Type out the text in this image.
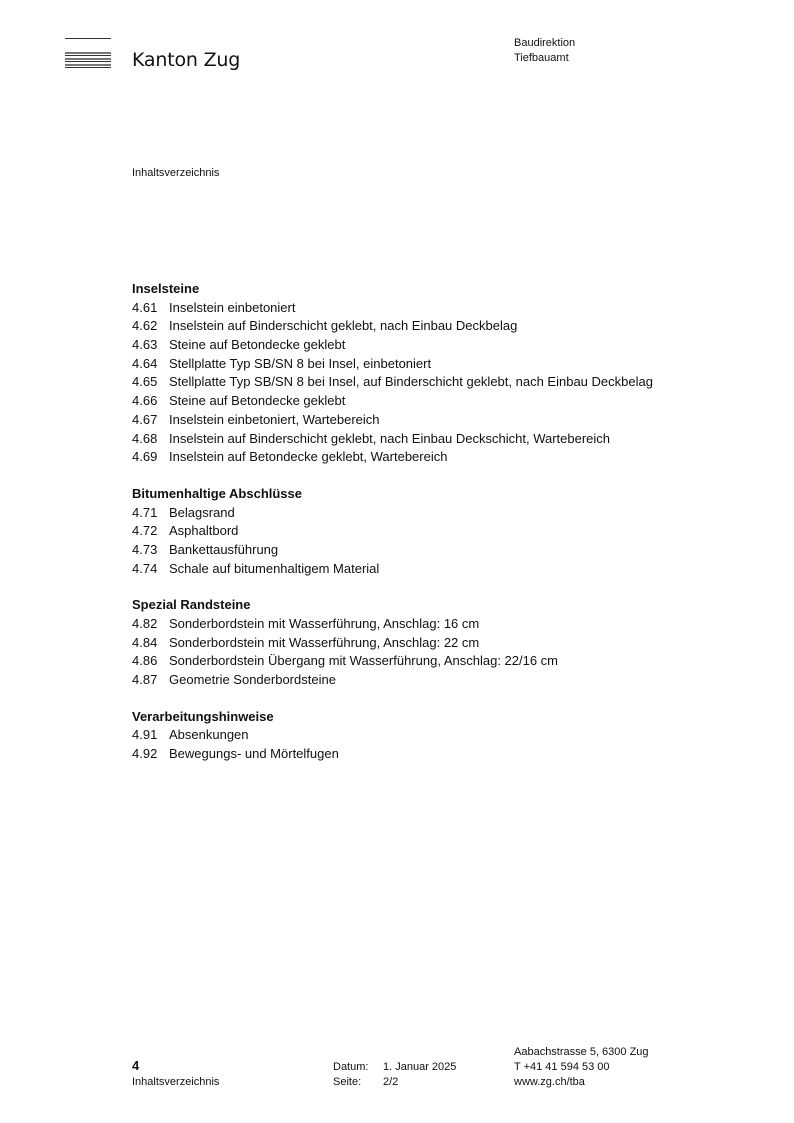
Kanton Zug
Baudirektion
Tiefbauamt
Inhaltsverzeichnis
Inselsteine
4.61 Inselstein einbetoniert
4.62 Inselstein auf Binderschicht geklebt, nach Einbau Deckbelag
4.63 Steine auf Betondecke geklebt
4.64 Stellplatte Typ SB/SN 8 bei Insel, einbetoniert
4.65 Stellplatte Typ SB/SN 8 bei Insel, auf Binderschicht geklebt, nach Einbau Deckbelag
4.66 Steine auf Betondecke geklebt
4.67 Inselstein einbetoniert, Wartebereich
4.68 Inselstein auf Binderschicht geklebt, nach Einbau Deckschicht, Wartebereich
4.69 Inselstein auf Betondecke geklebt, Wartebereich
Bitumenhaltige Abschlüsse
4.71 Belagsrand
4.72 Asphaltbord
4.73 Bankettausführung
4.74 Schale auf bitumenhaltigem Material
Spezial Randsteine
4.82 Sonderbordstein mit Wasserführung, Anschlag: 16 cm
4.84 Sonderbordstein mit Wasserführung, Anschlag: 22 cm
4.86 Sonderbordstein Übergang mit Wasserführung, Anschlag: 22/16 cm
4.87 Geometrie Sonderbordsteine
Verarbeitungshinweise
4.91 Absenkungen
4.92 Bewegungs- und Mörtelfugen
4
Inhaltsverzeichnis
Datum: 1. Januar 2025
Seite: 2/2
Aabachstrasse 5, 6300 Zug
T +41 41 594 53 00
www.zg.ch/tba
